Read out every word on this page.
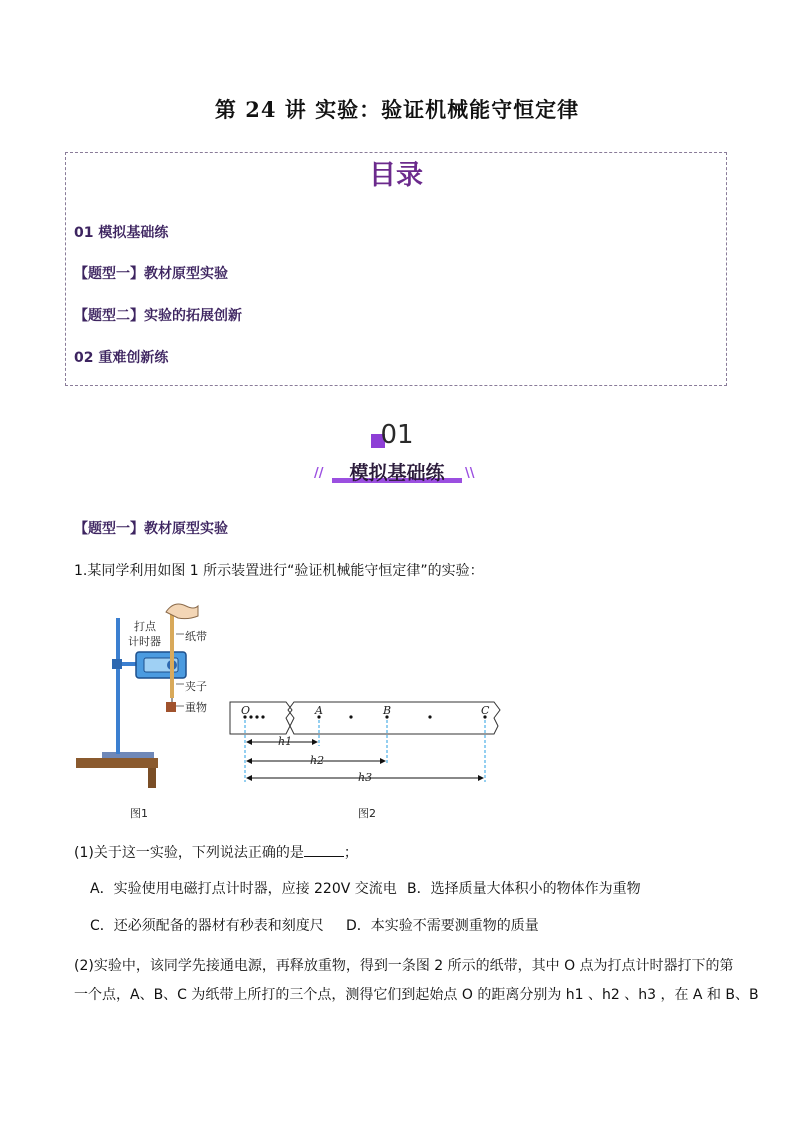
第 24 讲 实验：验证机械能守恒定律
目录
01 模拟基础练
【题型一】教材原型实验
【题型二】实验的拓展创新
02 重难创新练
01
//	模拟基础练	\\
【题型一】教材原型实验
1.某同学利用如图 1 所示装置进行“验证机械能守恒定律”的实验：
打点
计时器 纸带
夹子
重物
图1
O	A	B	C
h1
h2
h3
图2
(1)关于这一实验，下列说法正确的是	；
A．实验使用电磁打点计时器，应接 220V 交流电 B．选择质量大体积小的物体作为重物
C．还必须配备的器材有秒表和刻度尺 D．本实验不需要测重物的质量
(2)实验中，该同学先接通电源，再释放重物，得到一条图 2 所示的纸带，其中 O 点为打点计时器打下的第
一个点，A、B、C 为纸带上所打的三个点，测得它们到起始点 O 的距离分别为 h1 、h2 、h3 ，在 A 和 B、B
